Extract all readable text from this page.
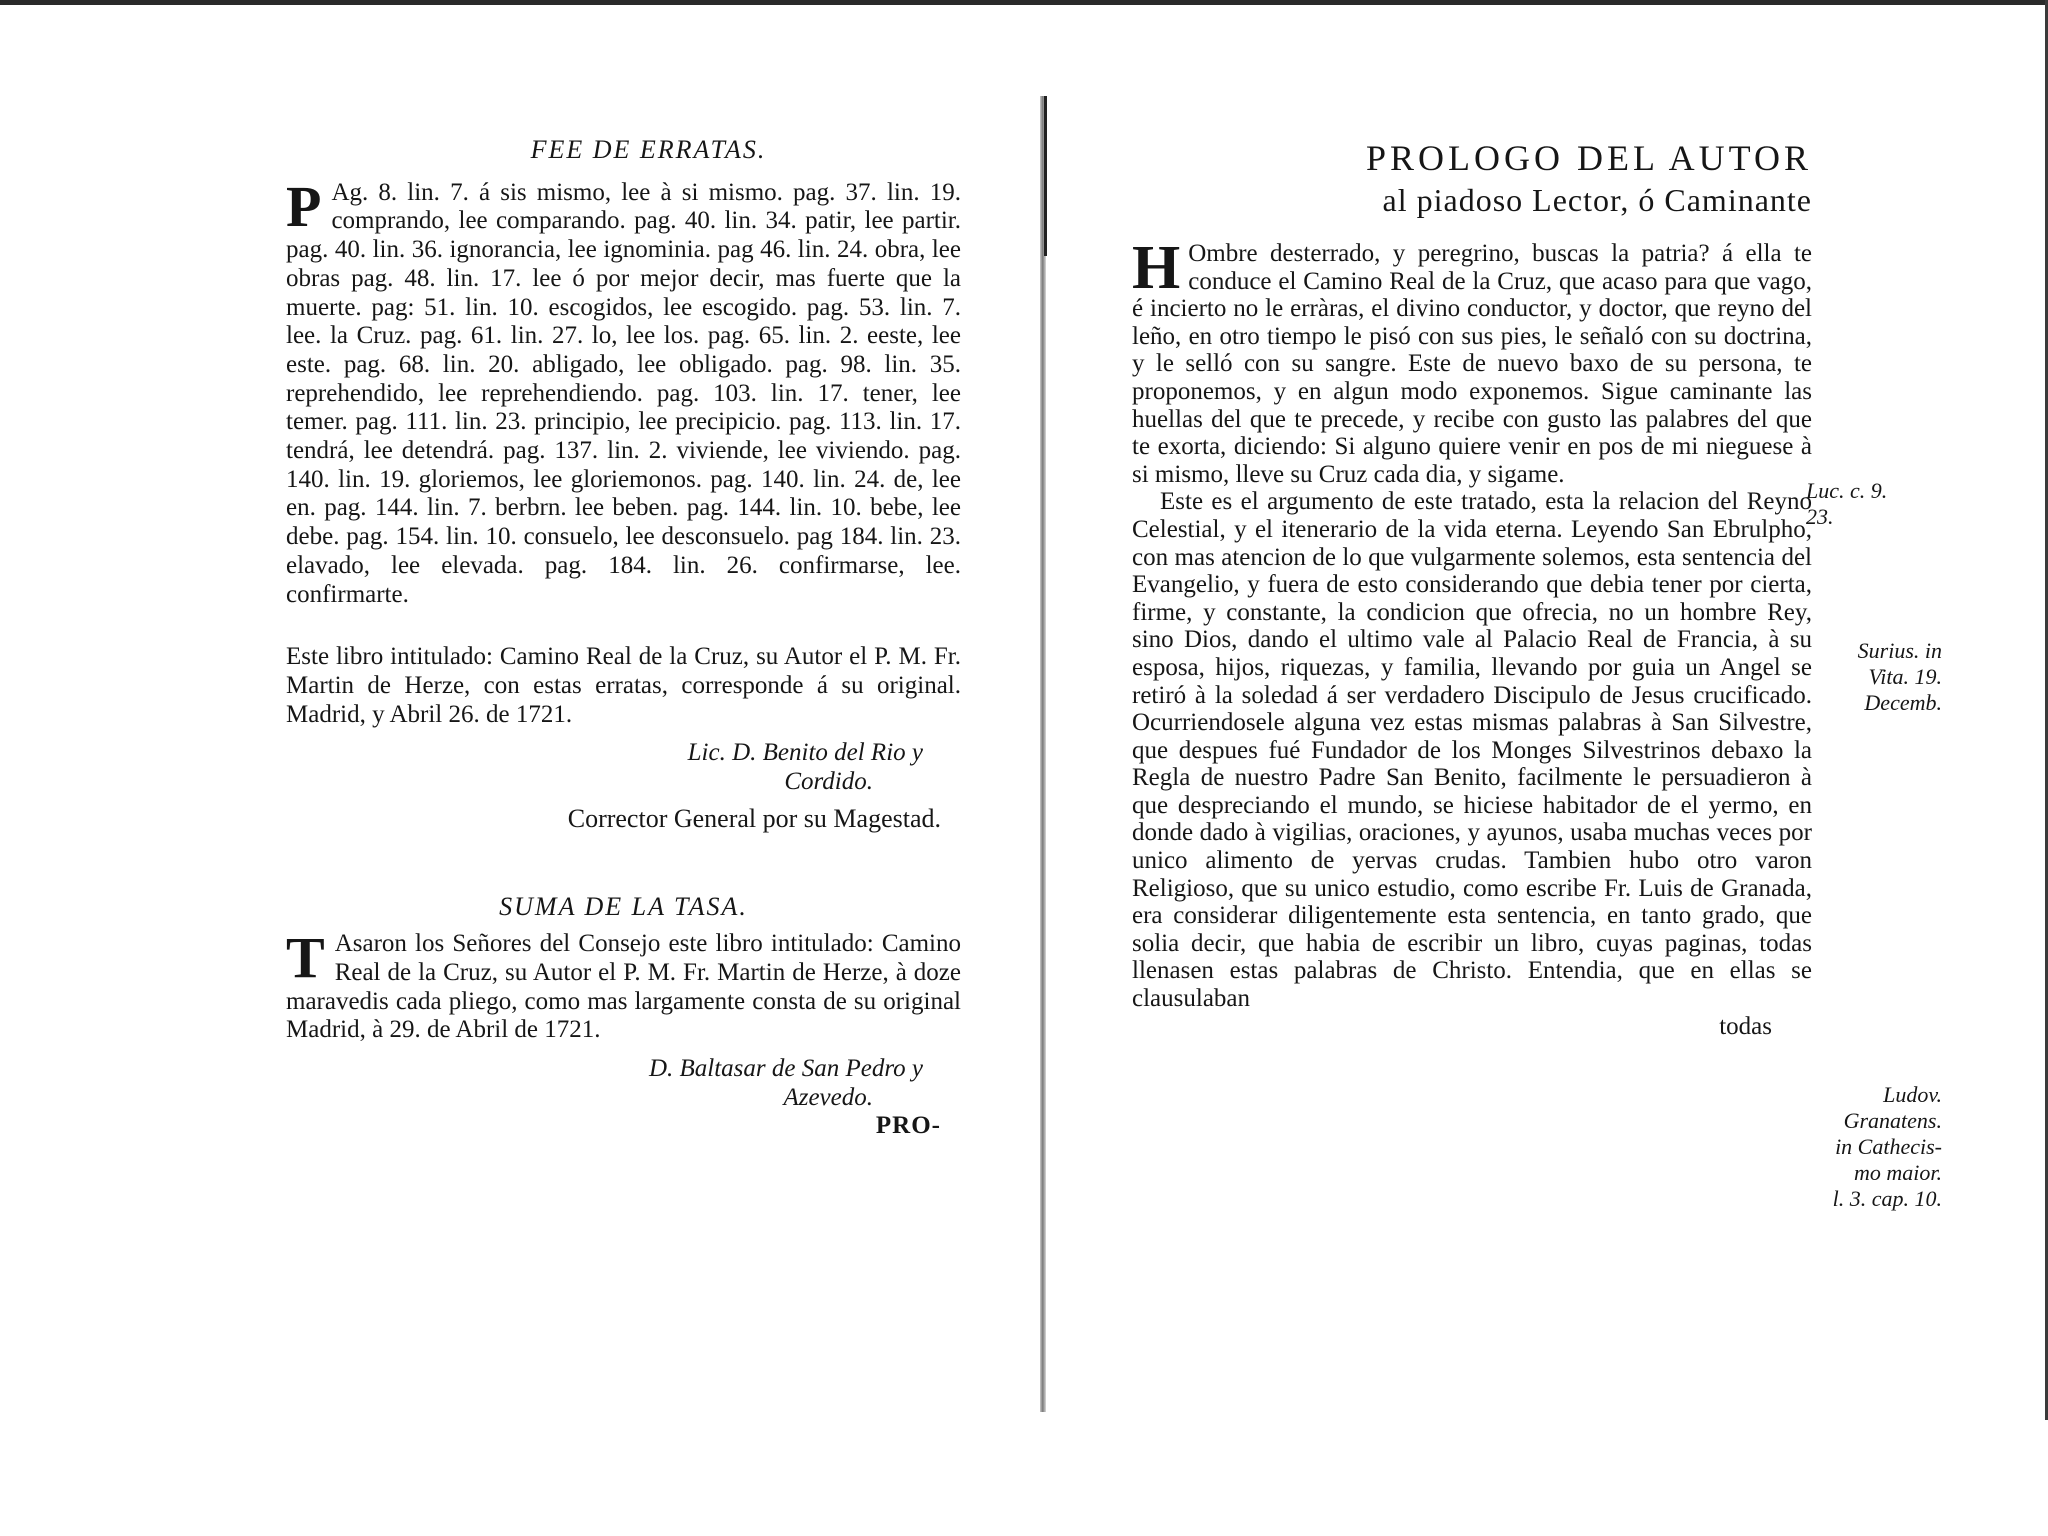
FEE DE ERRATAS.

P Ag. 8. lin. 7. á sis mismo, lee à si mismo. pag. 37. lin. 19. comprando, lee comparando. pag. 40. lin. 34. patir, lee partir. pag. 40. lin. 36. ignorancia, lee ignominia. pag 46. lin. 24. obra, lee obras pag. 48. lin. 17. lee ó por mejor decir, mas fuerte que la muerte. pag: 51. lin. 10. escogidos, lee escogido. pag. 53. lin. 7. lee. la Cruz. pag. 61. lin. 27. lo, lee los. pag. 65. lin. 2. eeste, lee este. pag. 68. lin. 20. abligado, lee obligado. pag. 98. lin. 35. reprehendido, lee reprehendiendo. pag. 103. lin. 17. tener, lee temer. pag. 111. lin. 23. principio, lee precipicio. pag. 113. lin. 17. tendrá, lee detendrá. pag. 137. lin. 2. viviende, lee viviendo. pag. 140. lin. 19. gloriemos, lee gloriemonos. pag. 140. lin. 24. de, lee en. pag. 144. lin. 7. berbrn. lee beben. pag. 144. lin. 10. bebe, lee debe. pag. 154. lin. 10. consuelo, lee desconsuelo. pag 184. lin. 23. elavado, lee elevada. pag. 184. lin. 26. confirmarse, lee. confirmarte.

Este libro intitulado: Camino Real de la Cruz, su Autor el P. M. Fr. Martin de Herze, con estas erratas, corresponde á su original. Madrid, y Abril 26. de 1721.

Lic. D. Benito del Rio y
Cordido.
Corrector General por su Magestad.
SUMA DE LA TASA.

T Asaron los Señores del Consejo este libro intitulado: Camino Real de la Cruz, su Autor el P. M. Fr. Martin de Herze, à doze maravedis cada pliego, como mas largamente consta de su original Madrid, à 29. de Abril de 1721.

D. Baltasar de San Pedro y
Azevedo.
PRO-
PROLOGO DEL AUTOR
al piadoso Lector, ó Caminante

H Ombre desterrado, y peregrino, buscas la patria? á ella te conduce el Camino Real de la Cruz, que acaso para que vago, é incierto no le erràras, el divino conductor, y doctor, que reyno del leño, en otro tiempo le pisó con sus pies, le señaló con su doctrina, y le selló con su sangre. Este de nuevo baxo de su persona, te proponemos, y en algun modo exponemos. Sigue caminante las huellas del que te precede, y recibe con gusto las palabres del que te exorta, diciendo: Si alguno quiere venir en pos de mi nieguese à si mismo, lleve su Cruz cada dia, y sigame.

Este es el argumento de este tratado, esta la relacion del Reyno Celestial, y el itenerario de la vida eterna. Leyendo San Ebrulpho, con mas atencion de lo que vulgarmente solemos, esta sentencia del Evangelio, y fuera de esto considerando que debia tener por cierta, firme, y constante, la condicion que ofrecia, no un hombre Rey, sino Dios, dando el ultimo vale al Palacio Real de Francia, à su esposa, hijos, riquezas, y familia, llevando por guia un Angel se retiró à la soledad á ser verdadero Discipulo de Jesus crucificado. Ocurriendosele alguna vez estas mismas palabras à San Silvestre, que despues fué Fundador de los Monges Silvestrinos debaxo la Regla de nuestro Padre San Benito, facilmente le persuadieron à que despreciando el mundo, se hiciese habitador de el yermo, en donde dado à vigilias, oraciones, y ayunos, usaba muchas veces por unico alimento de yervas crudas. Tambien hubo otro varon Religioso, que su unico estudio, como escribe Fr. Luis de Granada, era considerar diligentemente esta sentencia, en tanto grado, que solia decir, que habia de escribir un libro, cuyas paginas, todas llenasen estas palabras de Christo. Entendia, que en ellas se clausulaban

todas
Luc. c. 9.
23.
Surius. in
Vita. 19.
Decemb.
Ludov.
Granatens.
in Cathecis-
mo maior.
l. 3. cap. 10.
